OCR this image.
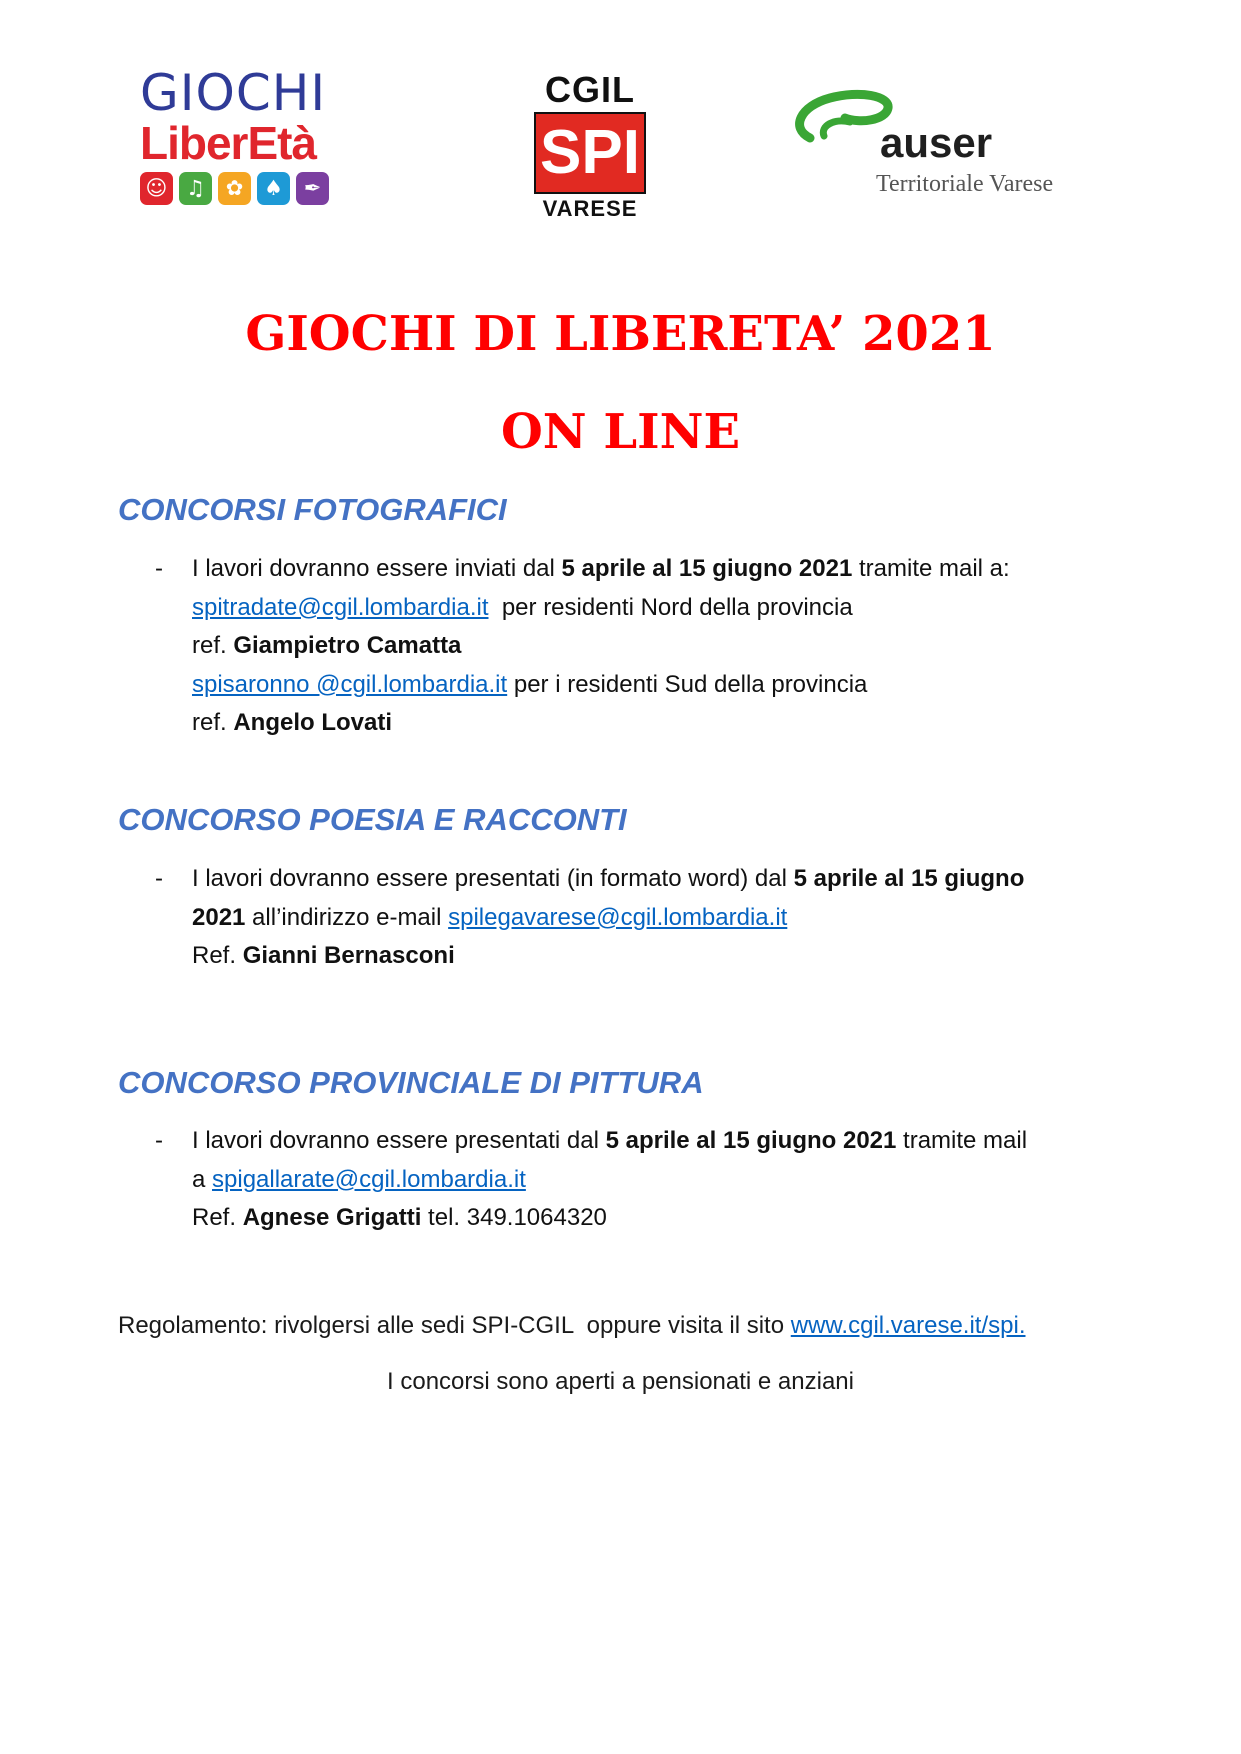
GIOCHI
LiberEtà
☺ ♫ ✿ ♠ ✒
CGIL
SPI
VARESE
auser
Territoriale Varese
GIOCHI DI LIBERETA’ 2021
ON LINE
CONCORSI FOTOGRAFICI
- I lavori dovranno essere inviati dal 5 aprile al 15 giugno 2021 tramite mail a:
spitradate@cgil.lombardia.it  per residenti Nord della provincia
ref. Giampietro Camatta
spisaronno @cgil.lombardia.it per i residenti Sud della provincia
ref. Angelo Lovati
CONCORSO POESIA E RACCONTI
- I lavori dovranno essere presentati (in formato word) dal 5 aprile al 15 giugno
2021 all’indirizzo e-mail spilegavarese@cgil.lombardia.it
Ref. Gianni Bernasconi
CONCORSO PROVINCIALE DI PITTURA
- I lavori dovranno essere presentati dal 5 aprile al 15 giugno 2021 tramite mail
a spigallarate@cgil.lombardia.it
Ref. Agnese Grigatti tel. 349.1064320
Regolamento: rivolgersi alle sedi SPI-CGIL  oppure visita il sito www.cgil.varese.it/spi.
I concorsi sono aperti a pensionati e anziani
